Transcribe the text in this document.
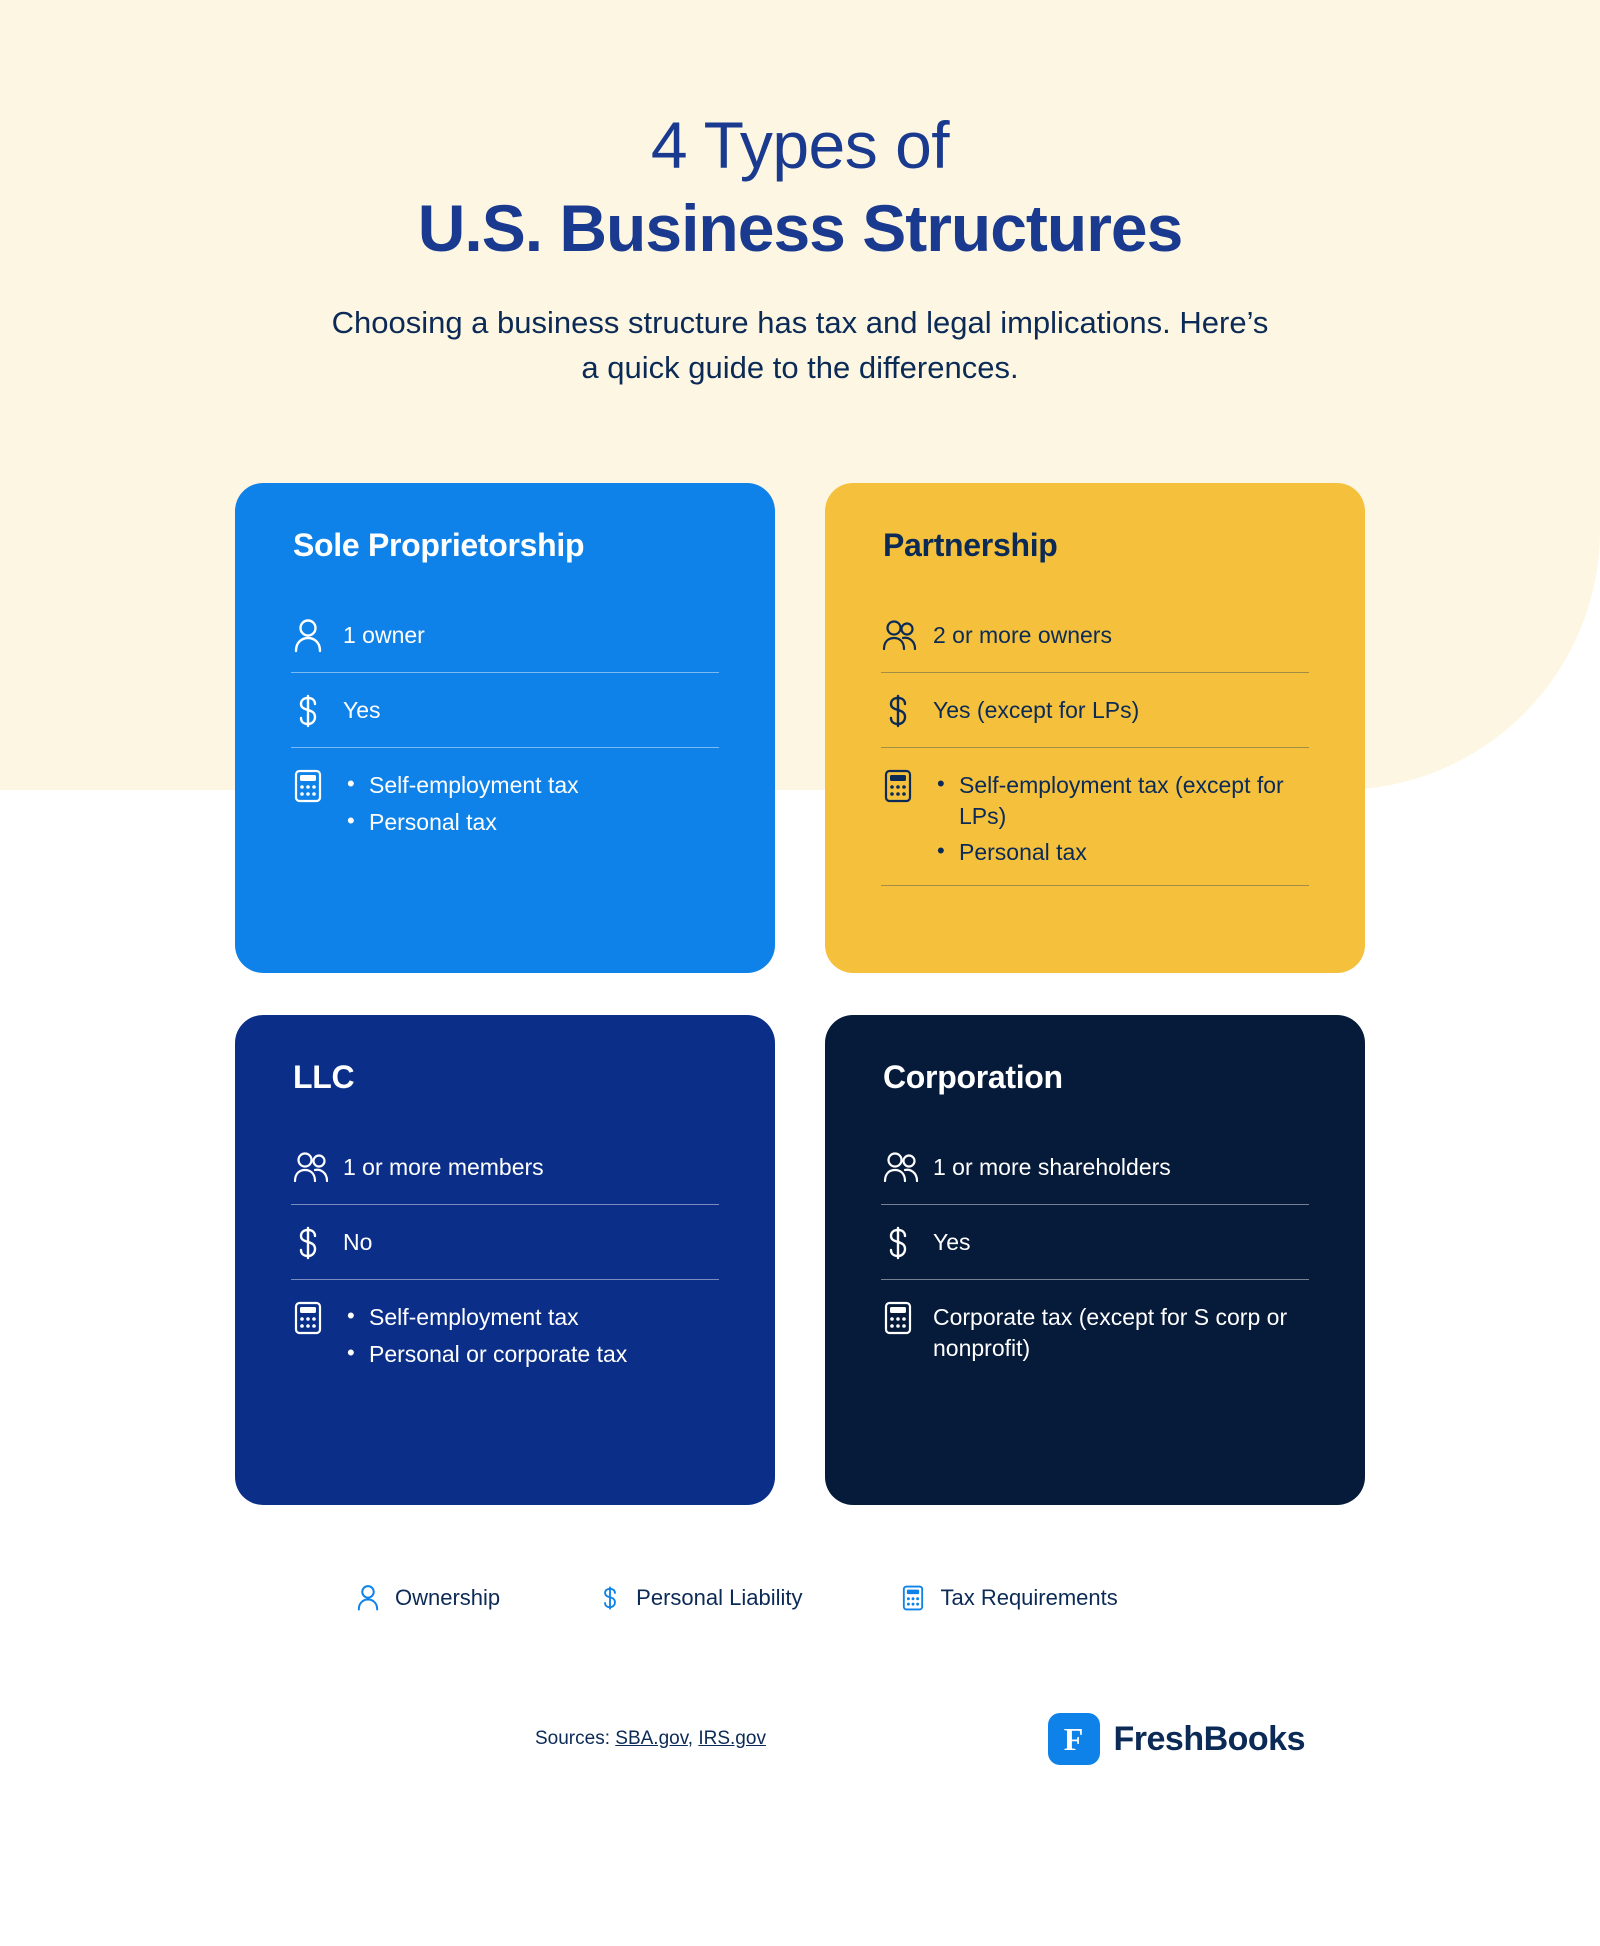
4 Types of
U.S. Business Structures
Choosing a business structure has tax and legal implications. Here’s a quick guide to the differences.
Sole Proprietorship
1 owner
Yes
• Self-employment tax
• Personal tax
Partnership
2 or more owners
Yes (except for LPs)
• Self-employment tax (except for LPs)
• Personal tax
LLC
1 or more members
No
• Self-employment tax
• Personal or corporate tax
Corporation
1 or more shareholders
Yes
Corporate tax (except for S corp or nonprofit)
Ownership	Personal Liability	Tax Requirements
Sources: SBA.gov, IRS.gov	F FreshBooks
